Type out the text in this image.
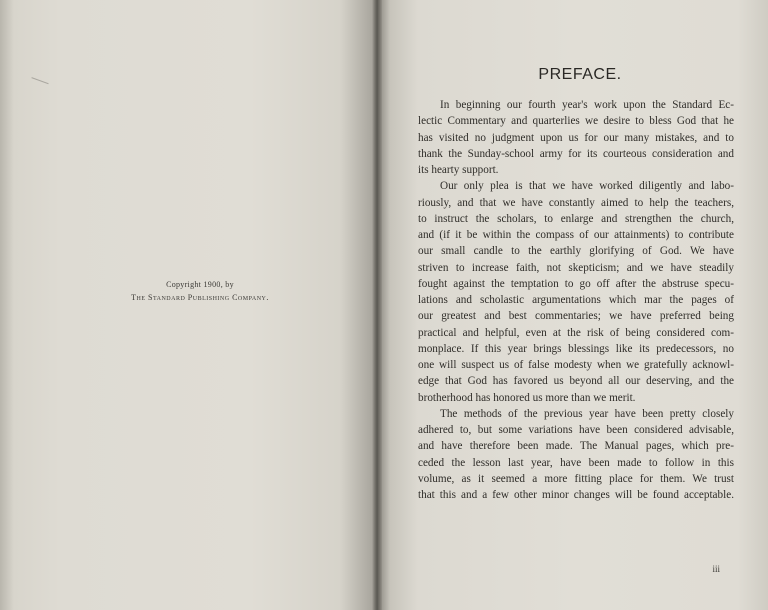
Copyright 1900, by
The Standard Publishing Company.
PREFACE.
In beginning our fourth year's work upon the Standard Ec-
lectic Commentary and quarterlies we desire to bless God that he
has visited no judgment upon us for our many mistakes, and to
thank the Sunday-school army for its courteous consideration and
its hearty support.
Our only plea is that we have worked diligently and labo-
riously, and that we have constantly aimed to help the teachers,
to instruct the scholars, to enlarge and strengthen the church,
and (if it be within the compass of our attainments) to contribute
our small candle to the earthly glorifying of God. We have
striven to increase faith, not skepticism; and we have steadily
fought against the temptation to go off after the abstruse specu-
lations and scholastic argumentations which mar the pages of
our greatest and best commentaries; we have preferred being
practical and helpful, even at the risk of being considered com-
monplace. If this year brings blessings like its predecessors, no
one will suspect us of false modesty when we gratefully acknowl-
edge that God has favored us beyond all our deserving, and the
brotherhood has honored us more than we merit.
The methods of the previous year have been pretty closely
adhered to, but some variations have been considered advisable,
and have therefore been made. The Manual pages, which pre-
ceded the lesson last year, have been made to follow in this
volume, as it seemed a more fitting place for them. We trust
that this and a few other minor changes will be found acceptable.
iii
